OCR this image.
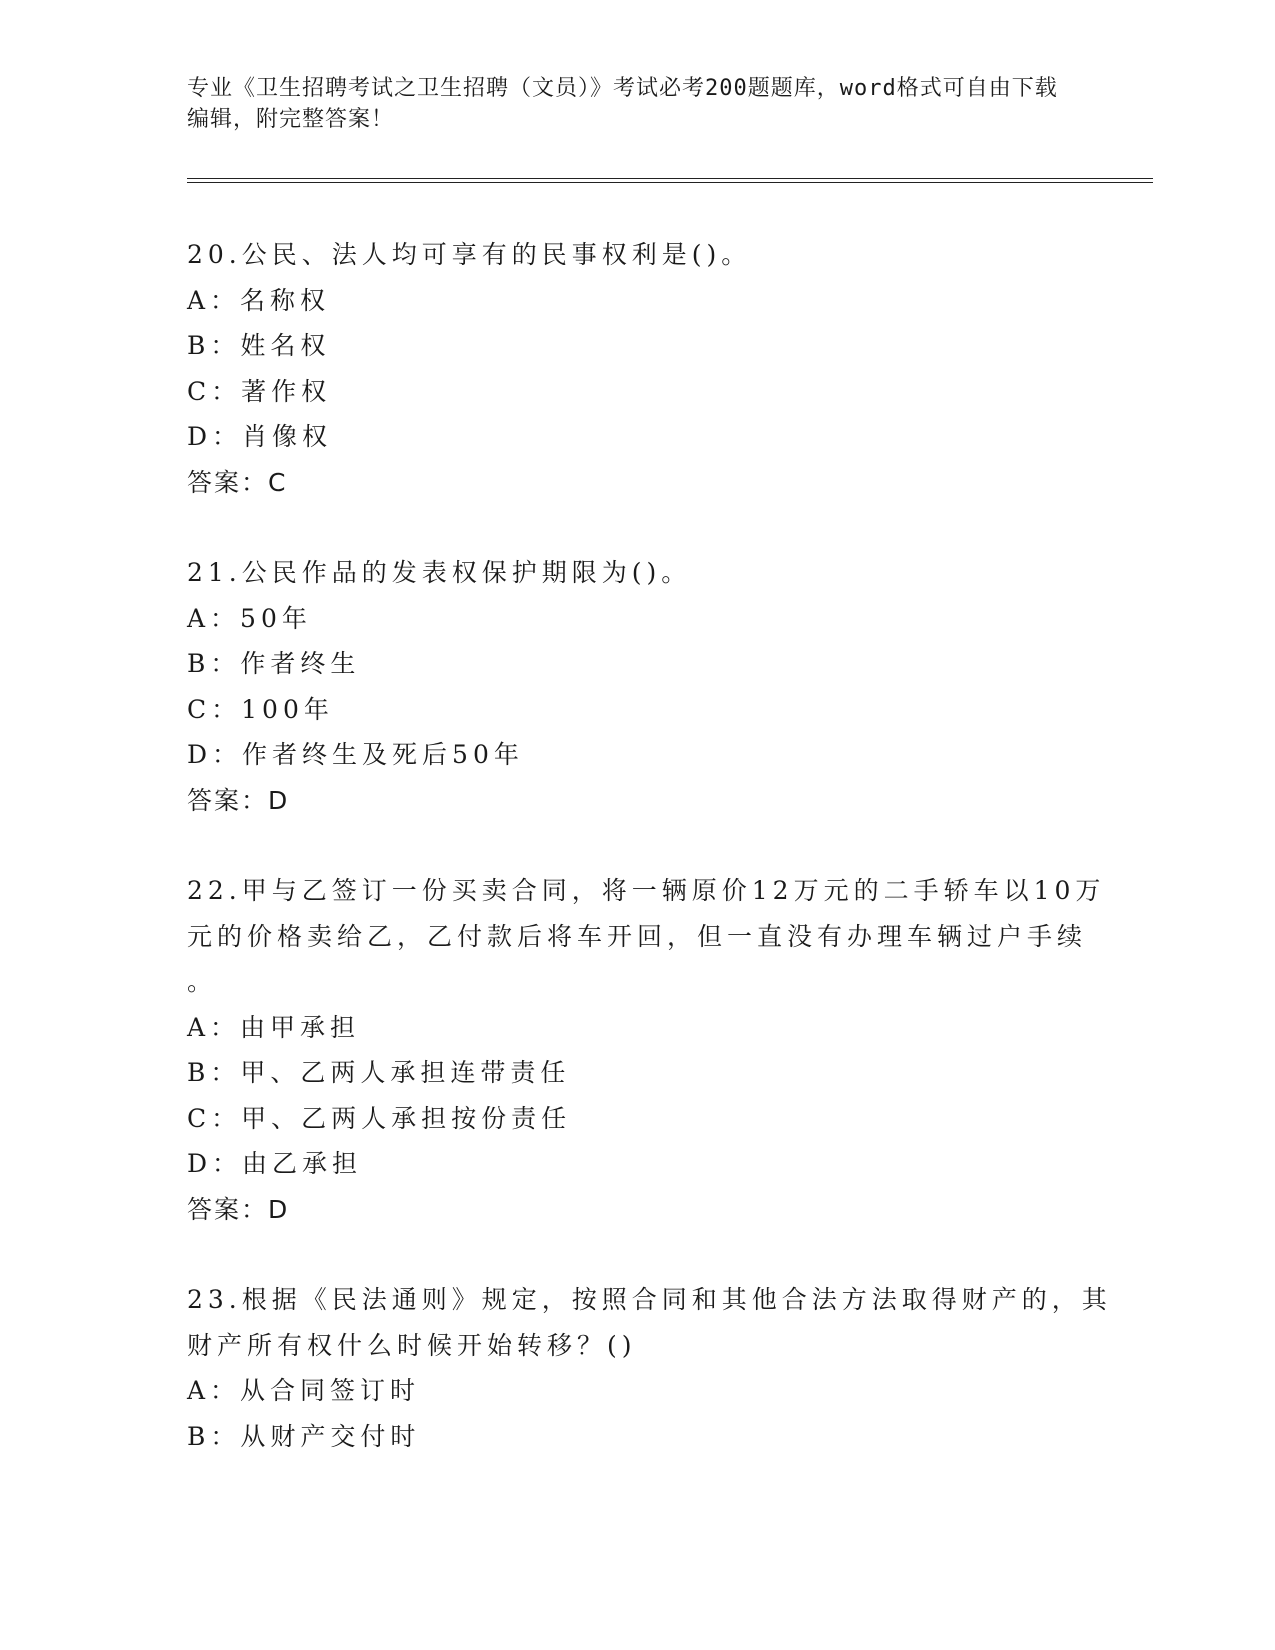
专业《卫生招聘考试之卫生招聘（文员）》考试必考200题题库，word格式可自由下载编辑，附完整答案！
20.公民、法人均可享有的民事权利是()。
A：名称权
B：姓名权
C：著作权
D：肖像权
答案：C
21.公民作品的发表权保护期限为()。
A：50年
B：作者终生
C：100年
D：作者终生及死后50年
答案：D
22.甲与乙签订一份买卖合同，将一辆原价12万元的二手轿车以10万
元的价格卖给乙，乙付款后将车开回，但一直没有办理车辆过户手续
。
A：由甲承担
B：甲、乙两人承担连带责任
C：甲、乙两人承担按份责任
D：由乙承担
答案：D
23.根据《民法通则》规定，按照合同和其他合法方法取得财产的，其
财产所有权什么时候开始转移？()
A：从合同签订时
B：从财产交付时
